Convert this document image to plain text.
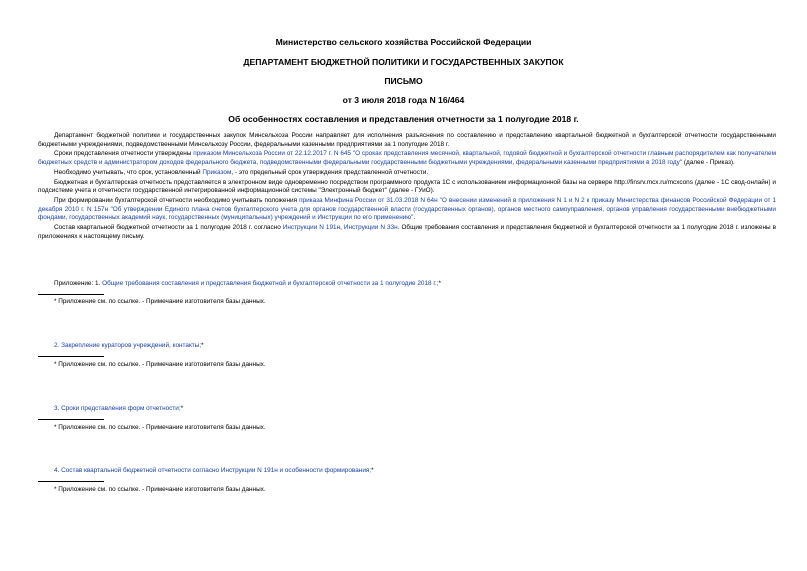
Министерство сельского хозяйства Российской Федерации
ДЕПАРТАМЕНТ БЮДЖЕТНОЙ ПОЛИТИКИ И ГОСУДАРСТВЕННЫХ ЗАКУПОК
ПИСЬМО
от 3 июля 2018 года N 16/464
Об особенностях составления и представления отчетности за 1 полугодие 2018 г.

Департамент бюджетной политики и государственных закупок Минсельхоза России направляет для исполнения разъяснения по составлению и представлению квартальной бюджетной и бухгалтерской отчетности государственными бюджетными учреждениями, подведомственными Минсельхозу России, федеральными казенными предприятиями за 1 полугодие 2018 г.

Сроки представления отчетности утверждены приказом Минсельхоза России от 22.12.2017 г. N 645 "О сроках представления месячной, квартальной, годовой бюджетной и бухгалтерской отчетности главным распорядителем как получателем бюджетных средств и администратором доходов федерального бюджета, подведомственными федеральными государственными бюджетными учреждениями, федеральными казенными предприятиями в 2018 году" (далее - Приказ).

Необходимо учитывать, что срок, установленный Приказом, - это предельный срок утверждения представленной отчетности.

Бюджетная и бухгалтерская отчетность представляется в электронном виде одновременно посредством программного продукта 1С с использованием информационной базы на сервере http://finsrv.mcx.ru/mcxcons (далее - 1С свод-онлайн) и подсистеме учета и отчетности государственной интегрированной информационной системы "Электронный бюджет" (далее - ГУиО).

При формировании бухгалтерской отчетности необходимо учитывать положения приказа Минфина России от 31.03.2018 N 64н "О внесении изменений в приложения N 1 и N 2 к приказу Министерства финансов Российской Федерации от 1 декабря 2010 г. N 157н "Об утверждении Единого плана счетов бухгалтерского учета для органов государственной власти (государственных органов), органов местного самоуправления, органов управления государственными внебюджетными фондами, государственных академий наук, государственных (муниципальных) учреждений и Инструкции по его применению".

Состав квартальной бюджетной отчетности за 1 полугодие 2018 г. согласно Инструкции N 191н, Инструкции N 33н. Общие требования составления и представления бюджетной и бухгалтерской отчетности за 1 полугодие 2018 г. изложены в приложениях к настоящему письму.

Приложение: 1. Общие требования составления и представления бюджетной и бухгалтерской отчетности за 1 полугодие 2018 г.;*
* Приложение см. по ссылке. - Примечание изготовителя базы данных.
2. Закрепление кураторов учреждений, контакты;*
* Приложение см. по ссылке. - Примечание изготовителя базы данных.
3. Сроки представления форм отчетности;*
* Приложение см. по ссылке. - Примечание изготовителя базы данных.
4. Состав квартальной бюджетной отчетности согласно Инструкции N 191н и особенности формирования;*
* Приложение см. по ссылке. - Примечание изготовителя базы данных.
